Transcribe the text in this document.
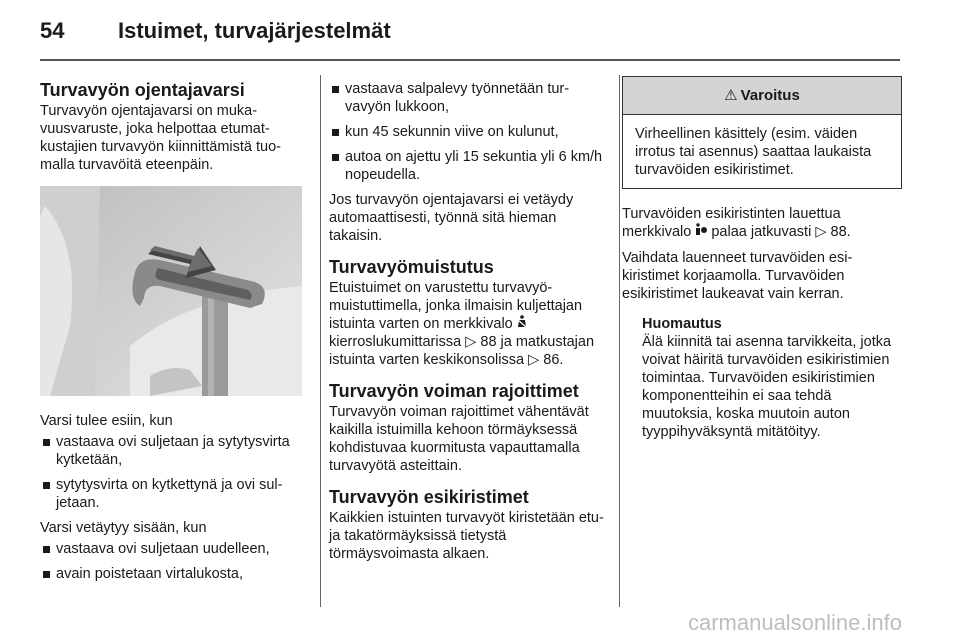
54 Istuimet, turvajärjestelmät
Turvavyön ojentajavarsi

Turvavyön ojentajavarsi on mukavuusvaruste, joka helpottaa etumatkustajien turvavyön kiinnittämistä tuomalla turvavöitä eteenpäin.

Varsi tulee esiin, kun

vastaava ovi suljetaan ja sytytysvirta kytketään,
sytytysvirta on kytkettynä ja ovi suljetaan.

Varsi vetäytyy sisään, kun

vastaava ovi suljetaan uudelleen,
avain poistetaan virtalukosta,
vastaava salpalevy työnnetään turvavyön lukkoon,
kun 45 sekunnin viive on kulunut,
autoa on ajettu yli 15 sekuntia yli 6 km/h nopeudella.

Jos turvavyön ojentajavarsi ei vetäydy automaattisesti, työnnä sitä hieman takaisin.

Turvavyömuistutus

Etuistuimet on varustettu turvavyömuistuttimella, jonka ilmaisin kuljettajan istuinta varten on merkkivalo  kierroslukumittarissa ▷ 88 ja matkustajan istuinta varten keskikonsolissa ▷ 86.

Turvavyön voiman rajoittimet

Turvavyön voiman rajoittimet vähentävät kaikilla istuimilla kehoon törmäyksessä kohdistuvaa kuormitusta vapauttamalla turvavyötä asteittain.

Turvavyön esikiristimet

Kaikkien istuinten turvavyöt kiristetään etu- ja takatörmäyksissä tietystä törmäysvoimasta alkaen.

⚠ Varoitus
Virheellinen käsittely (esim. väiden irrotus tai asennus) saattaa laukaista turvavöiden esikiristimet.

Turvavöiden esikiristinten lauettua merkkivalo palaa jatkuvasti ▷ 88.

Vaihdata lauenneet turvavöiden esikiristimet korjaamolla. Turvavöiden esikiristimet laukeavat vain kerran.

Huomautus
Älä kiinnitä tai asenna tarvikkeita, jotka voivat häiritä turvavöiden esikiristimien toimintaa. Turvavöiden esikiristimien komponentteihin ei saa tehdä muutoksia, koska muutoin auton tyyppihyväksyntä mitätöityy.
carmanualsonline.info
